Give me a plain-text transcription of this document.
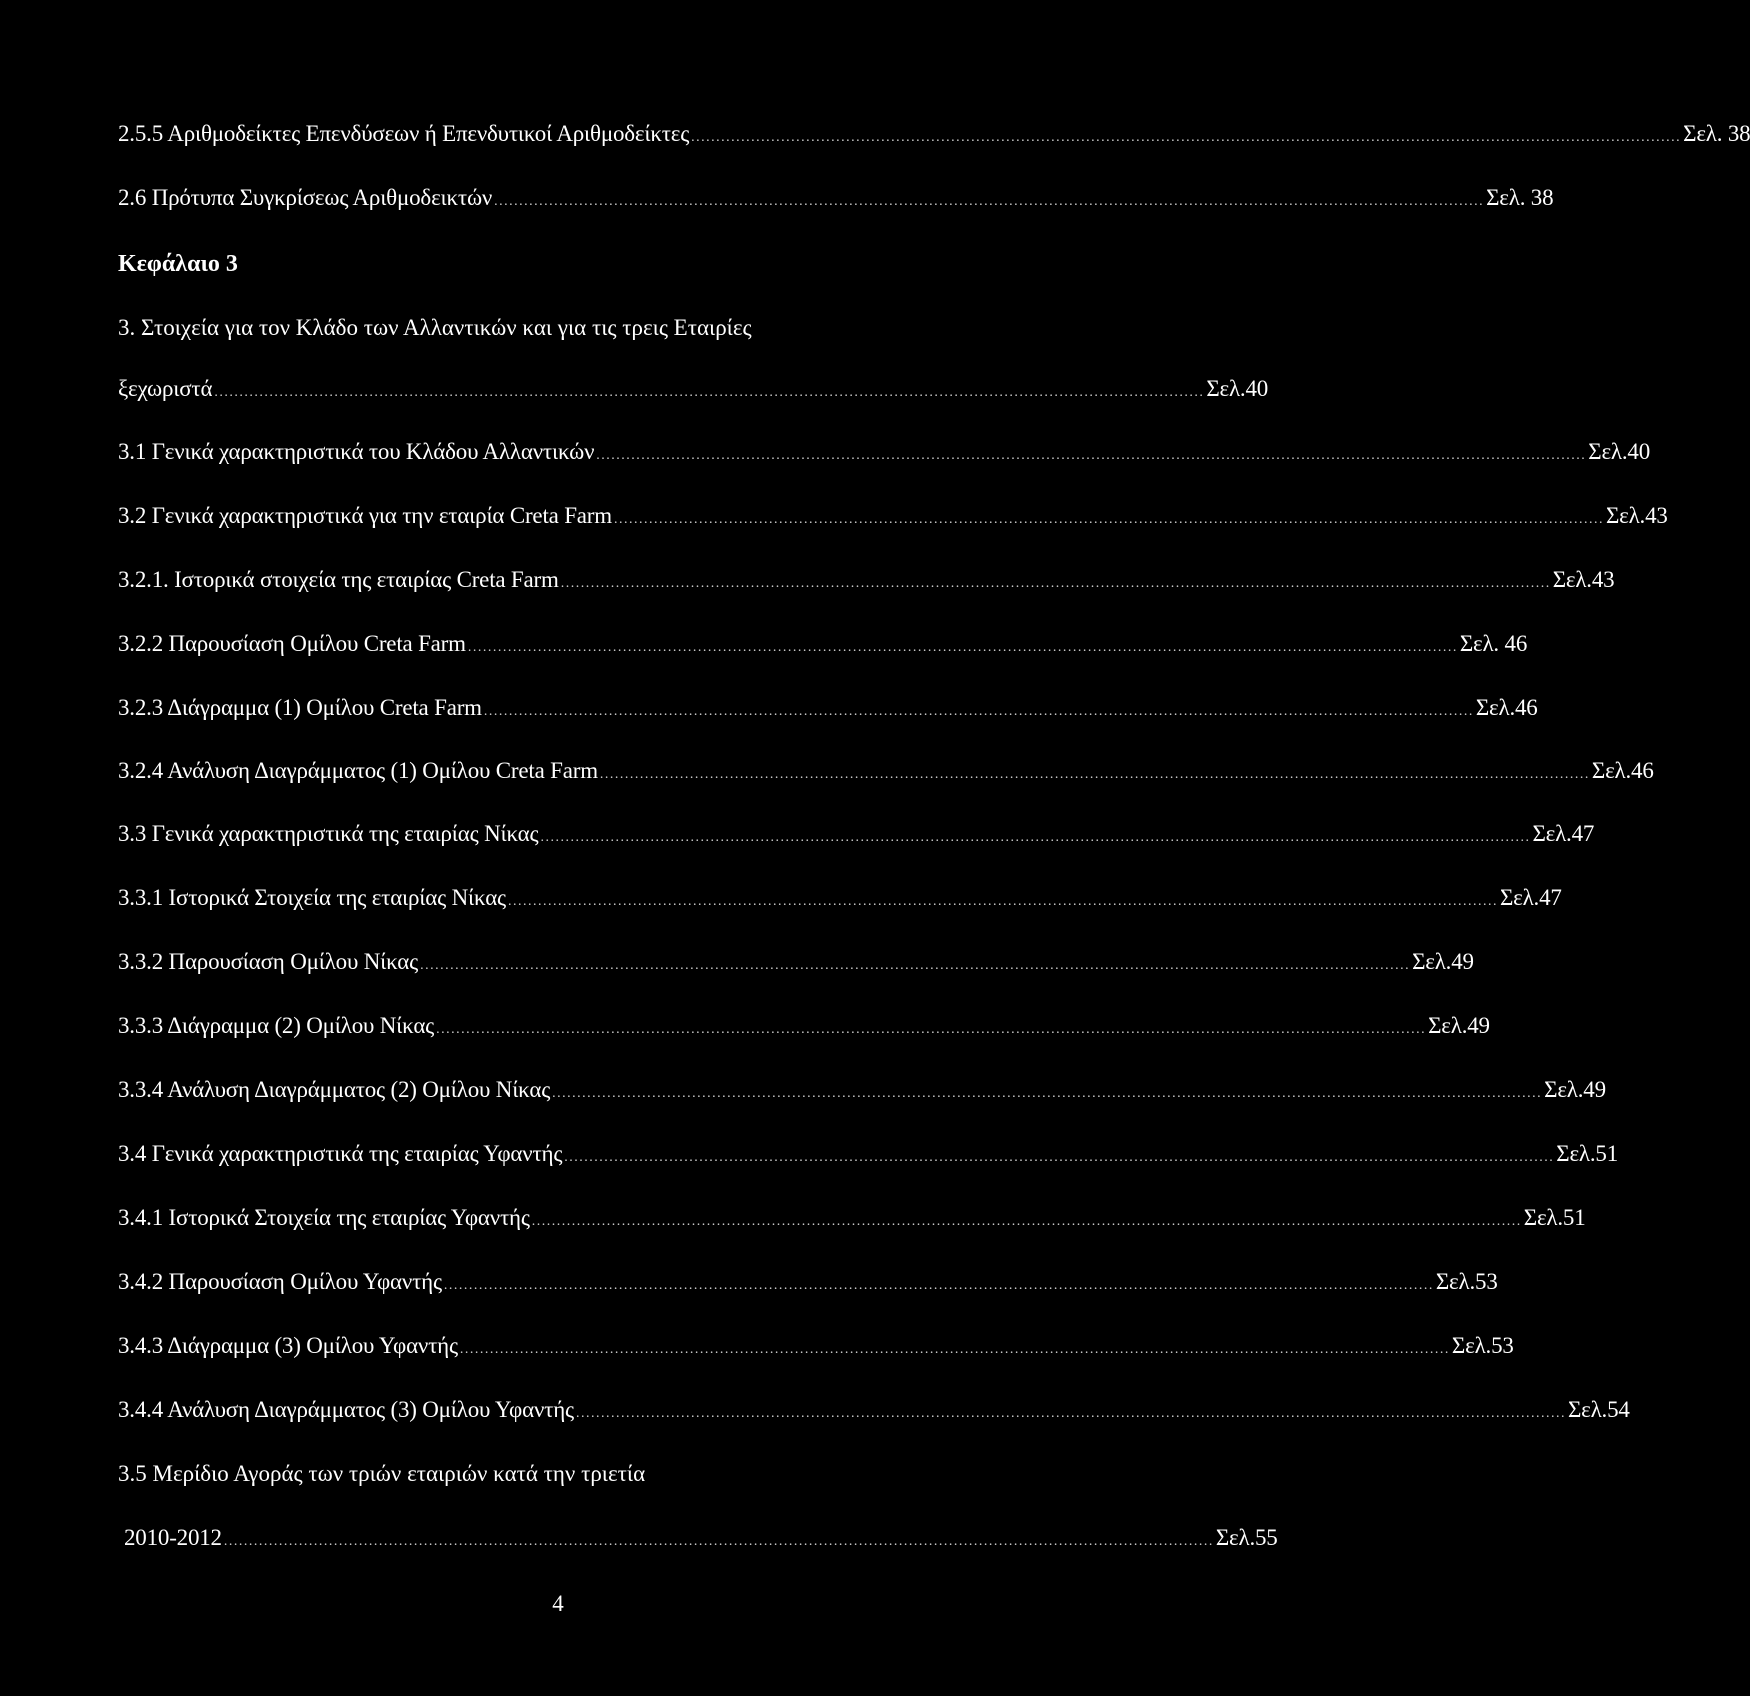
2.5.5 Αριθμοδείκτες Επενδύσεων ή Επενδυτικοί Αριθμοδείκτες ...................................................................................................................................................................................................... Σελ. 38
2.6 Πρότυπα Συγκρίσεως Αριθμοδεικτών ...................................................................................................................................................................................................... Σελ. 38
Κεφάλαιο 3
3. Στοιχεία για τον Κλάδο των Αλλαντικών και για τις τρεις Εταιρίες
ξεχωριστά ...................................................................................................................................................................................................... Σελ.40
3.1 Γενικά χαρακτηριστικά του Κλάδου Αλλαντικών ...................................................................................................................................................................................................... Σελ.40
3.2 Γενικά χαρακτηριστικά για την εταιρία Creta Farm ...................................................................................................................................................................................................... Σελ.43
3.2.1. Ιστορικά στοιχεία της εταιρίας Creta Farm ...................................................................................................................................................................................................... Σελ.43
3.2.2 Παρουσίαση Ομίλου Creta Farm ...................................................................................................................................................................................................... Σελ. 46
3.2.3 Διάγραμμα (1) Ομίλου Creta Farm ...................................................................................................................................................................................................... Σελ.46
3.2.4 Ανάλυση Διαγράμματος (1) Ομίλου Creta Farm ...................................................................................................................................................................................................... Σελ.46
3.3 Γενικά χαρακτηριστικά της εταιρίας Νίκας ...................................................................................................................................................................................................... Σελ.47
3.3.1 Ιστορικά Στοιχεία της εταιρίας Νίκας ...................................................................................................................................................................................................... Σελ.47
3.3.2 Παρουσίαση Ομίλου Νίκας ...................................................................................................................................................................................................... Σελ.49
3.3.3 Διάγραμμα (2) Ομίλου Νίκας ...................................................................................................................................................................................................... Σελ.49
3.3.4 Ανάλυση Διαγράμματος (2) Ομίλου Νίκας ...................................................................................................................................................................................................... Σελ.49
3.4 Γενικά χαρακτηριστικά της εταιρίας Υφαντής ...................................................................................................................................................................................................... Σελ.51
3.4.1 Ιστορικά Στοιχεία της εταιρίας Υφαντής ...................................................................................................................................................................................................... Σελ.51
3.4.2 Παρουσίαση Ομίλου Υφαντής ...................................................................................................................................................................................................... Σελ.53
3.4.3 Διάγραμμα (3) Ομίλου Υφαντής ...................................................................................................................................................................................................... Σελ.53
3.4.4 Ανάλυση Διαγράμματος (3) Ομίλου Υφαντής ...................................................................................................................................................................................................... Σελ.54
3.5 Μερίδιο Αγοράς των τριών εταιριών κατά την τριετία
2010-2012 ...................................................................................................................................................................................................... Σελ.55
4
